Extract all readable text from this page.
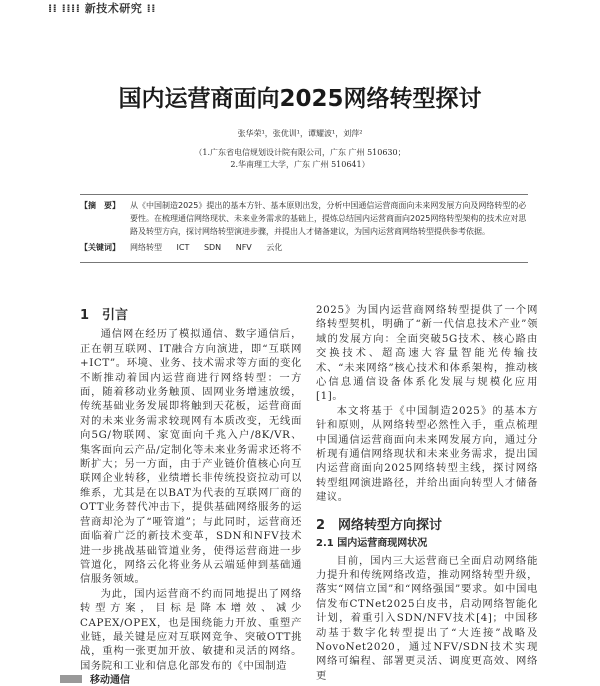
⁞⁞ ⁞⁞⁞⁞ 新技术研究 ⁞⁞
国内运营商面向2025网络转型探讨
张华荣¹，张优训¹，谭耀波¹，刘萍²
（1.广东省电信规划设计院有限公司，广东 广州 510630；
2.华南理工大学，广东 广州 510641）
【摘　要】 从《中国制造2025》提出的基本方针、基本原则出发，分析中国通信运营商面向未来网发展方向及网络转型的必要性。在梳理通信网络现状、未来业务需求的基础上，提炼总结国内运营商面向2025网络转型架构的技术应对思路及转型方向，探讨网络转型演进步骤，并提出人才储备建议，为国内运营商网络转型提供参考依据。
【关键词】 网络转型 ICT SDN NFV 云化
1　引言

通信网在经历了模拟通信、数字通信后，正在朝互联网、IT融合方向演进，即“互联网+ICT”。环境、业务、技术需求等方面的变化不断推动着国内运营商进行网络转型：一方面，随着移动业务触顶、固网业务增速放缓，传统基础业务发展即将触到天花板，运营商面对的未来业务需求较现网有本质改变，无线面向5G/物联网、家宽面向千兆入户/8K/VR、集客面向云产品/定制化等未来业务需求还将不断扩大；另一方面，由于产业链价值核心向互联网企业转移，业绩增长非传统投资拉动可以维系，尤其是在以BAT为代表的互联网厂商的OTT业务替代冲击下，提供基础网络服务的运营商却沦为了“哑管道”；与此同时，运营商还面临着广泛的新技术变革，SDN和NFV技术进一步挑战基础管道业务，使得运营商进一步管道化，网络云化将业务从云端延伸到基础通信服务领域。

为此，国内运营商不约而同地提出了网络转型方案，目标是降本增效、减少CAPEX/OPEX，也是围绕能力开放、重塑产业链，最关键是应对互联网竞争、突破OTT挑战，重构一张更加开放、敏捷和灵活的网络。国务院和工业和信息化部发布的《中国制造

2025》为国内运营商网络转型提供了一个网络转型契机，明确了“新一代信息技术产业”领域的发展方向：全面突破5G技术、核心路由交换技术、超高速大容量智能光传输技术、“未来网络”核心技术和体系架构，推动核心信息通信设备体系化发展与规模化应用[1]。

本文将基于《中国制造2025》的基本方针和原则，从网络转型必然性入手，重点梳理中国通信运营商面向未来网发展方向，通过分析现有通信网络现状和未来业务需求，提出国内运营商面向2025网络转型主线，探讨网络转型组网演进路径，并给出面向转型人才储备建议。

2　网络转型方向探讨
2.1 国内运营商现网状况

目前，国内三大运营商已全面启动网络能力提升和传统网络改造，推动网络转型升级，落实“网信立国”和“网络强国”要求。如中国电信发布CTNet2025白皮书，启动网络智能化计划，着重引入SDN/NFV技术[4]；中国移动基于数字化转型提出了“大连接”战略及NovoNet2020，通过NFV/SDN技术实现网络可编程、部署更灵活、调度更高效、网络更

移动通信
